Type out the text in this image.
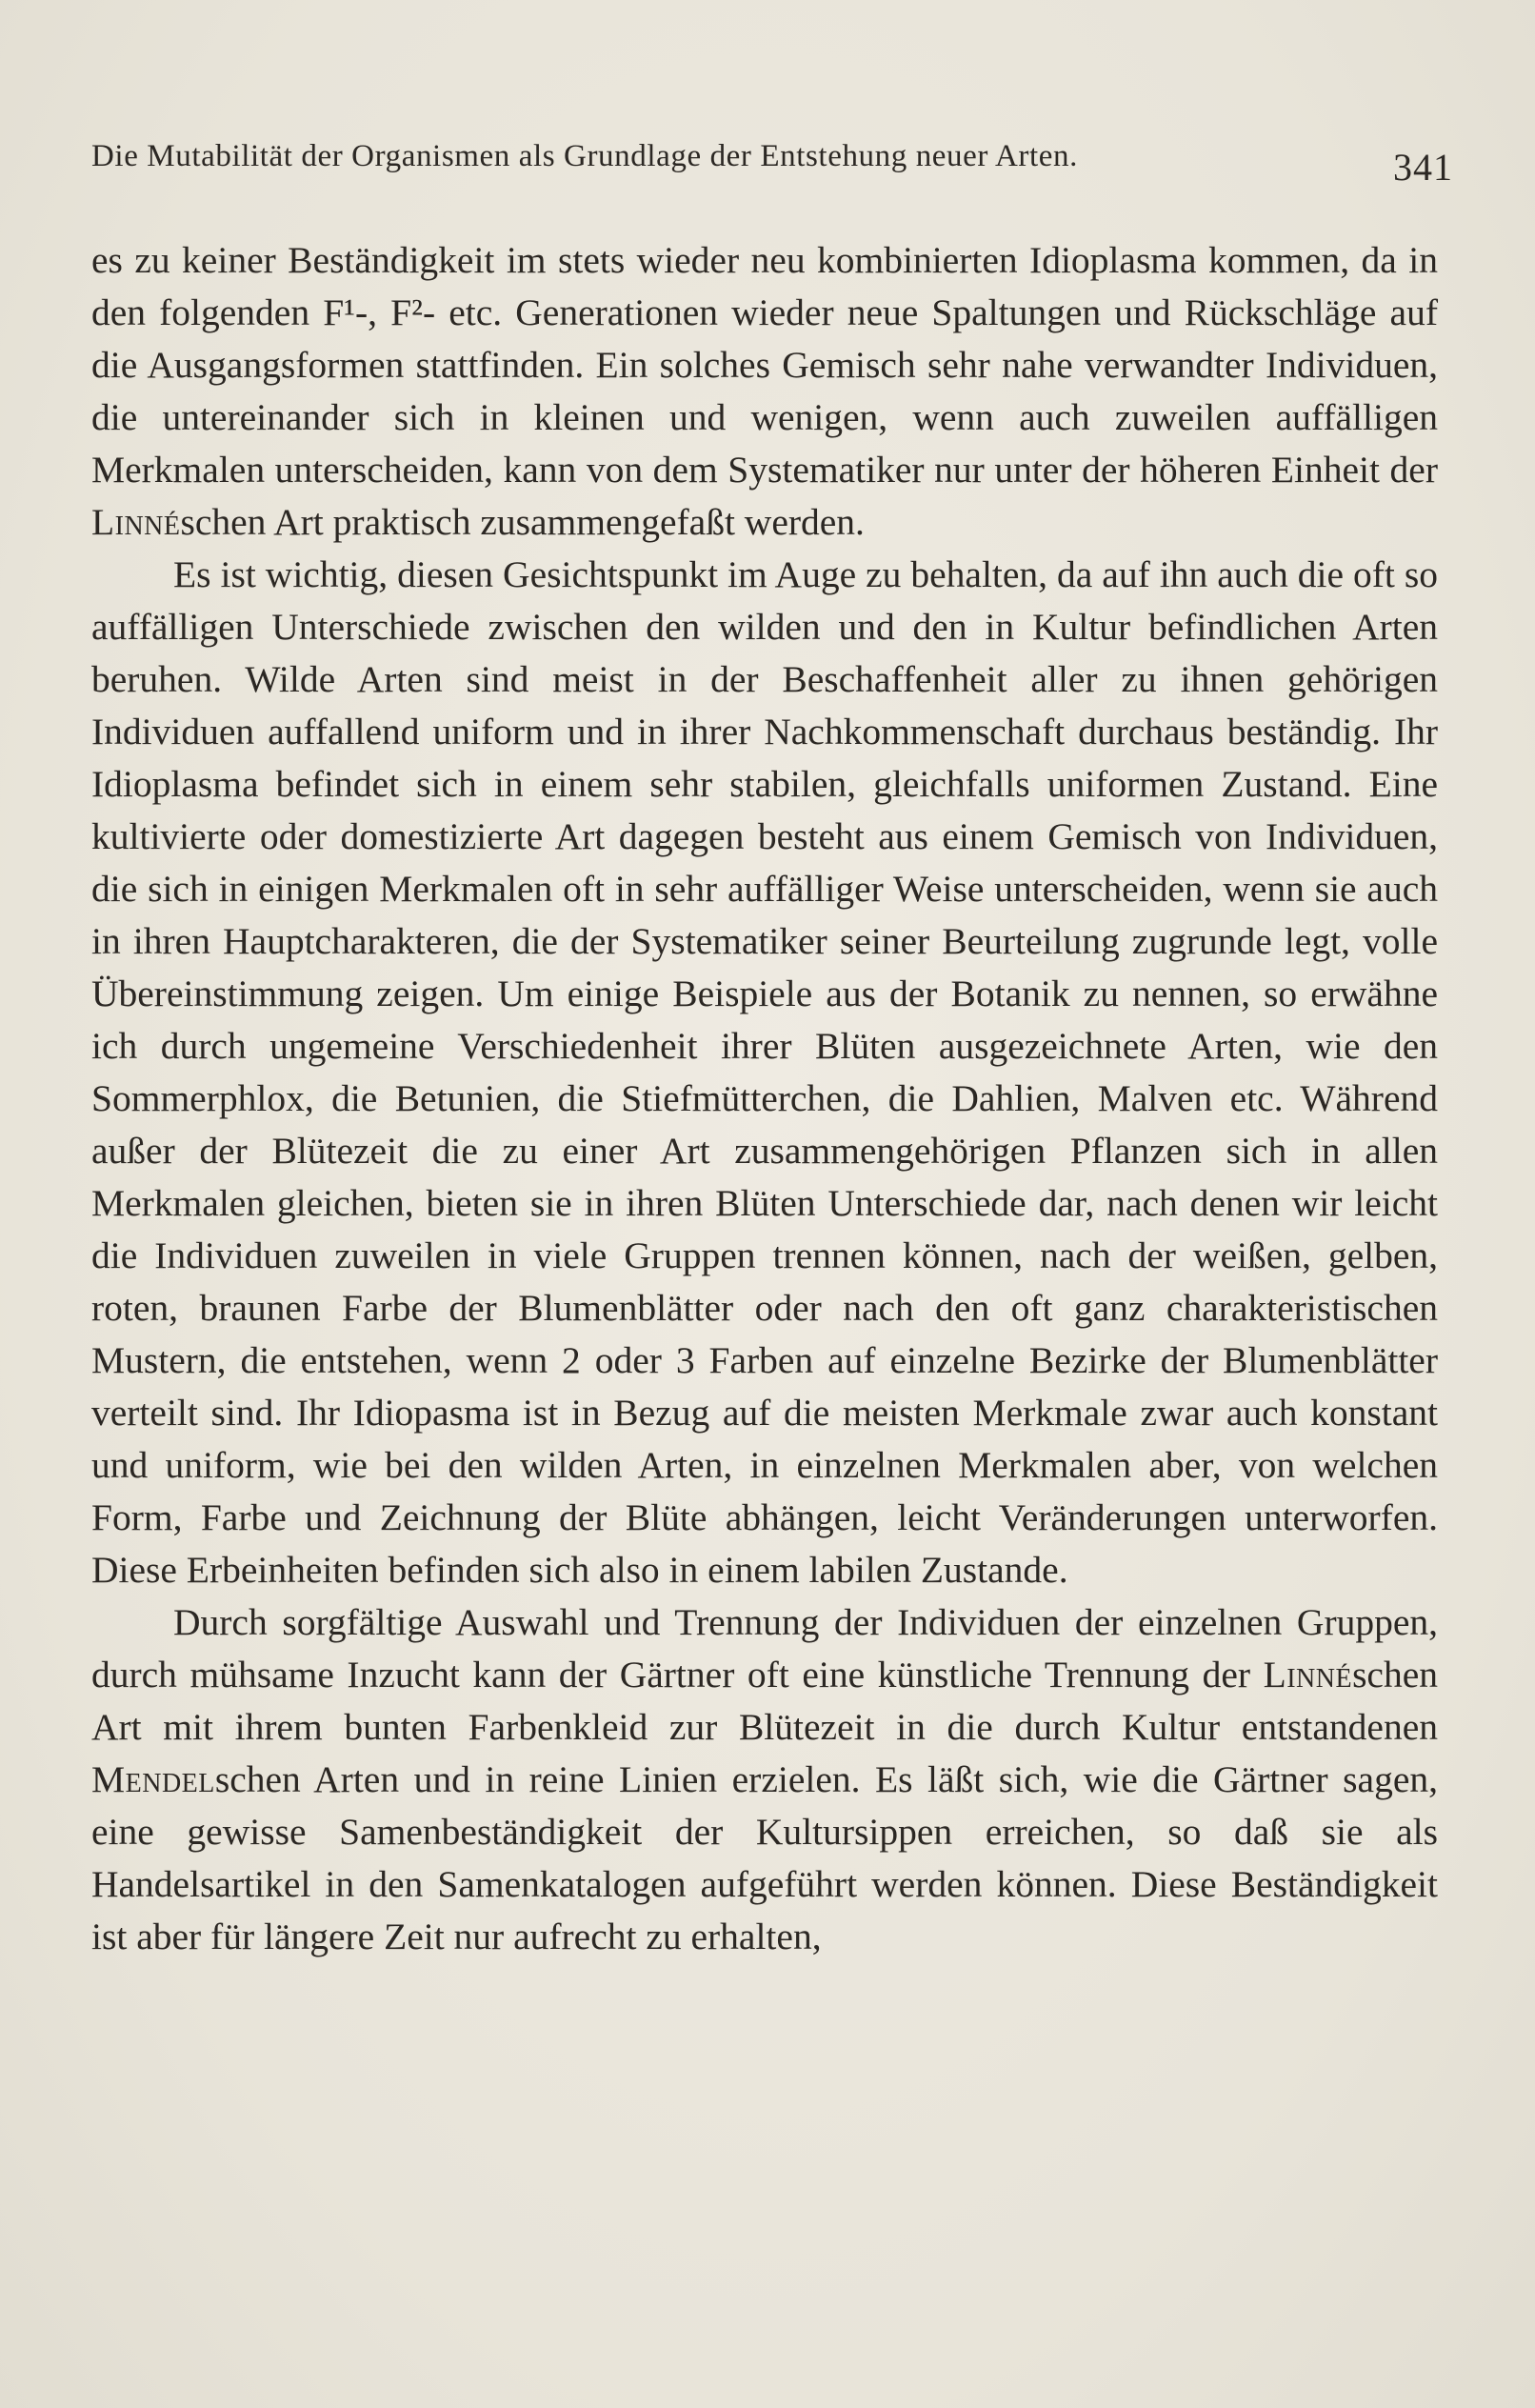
Die Mutabilität der Organismen als Grundlage der Entstehung neuer Arten.	341

es zu keiner Beständigkeit im stets wieder neu kombinierten Idioplasma kommen, da in den folgenden F¹-, F²- etc. Generationen wieder neue Spaltungen und Rückschläge auf die Ausgangsformen stattfinden. Ein solches Gemisch sehr nahe verwandter Individuen, die untereinander sich in kleinen und wenigen, wenn auch zuweilen auffälligen Merkmalen unterscheiden, kann von dem Systematiker nur unter der höheren Einheit der Linnéschen Art praktisch zusammengefaßt werden.

Es ist wichtig, diesen Gesichtspunkt im Auge zu behalten, da auf ihn auch die oft so auffälligen Unterschiede zwischen den wilden und den in Kultur befindlichen Arten beruhen. Wilde Arten sind meist in der Beschaffenheit aller zu ihnen gehörigen Individuen auffallend uniform und in ihrer Nachkommenschaft durchaus beständig. Ihr Idioplasma befindet sich in einem sehr stabilen, gleichfalls uniformen Zustand. Eine kultivierte oder domestizierte Art dagegen besteht aus einem Gemisch von Individuen, die sich in einigen Merkmalen oft in sehr auffälliger Weise unterscheiden, wenn sie auch in ihren Hauptcharakteren, die der Systematiker seiner Beurteilung zugrunde legt, volle Übereinstimmung zeigen. Um einige Beispiele aus der Botanik zu nennen, so erwähne ich durch ungemeine Verschiedenheit ihrer Blüten ausgezeichnete Arten, wie den Sommerphlox, die Betunien, die Stiefmütterchen, die Dahlien, Malven etc. Während außer der Blütezeit die zu einer Art zusammengehörigen Pflanzen sich in allen Merkmalen gleichen, bieten sie in ihren Blüten Unterschiede dar, nach denen wir leicht die Individuen zuweilen in viele Gruppen trennen können, nach der weißen, gelben, roten, braunen Farbe der Blumenblätter oder nach den oft ganz charakteristischen Mustern, die entstehen, wenn 2 oder 3 Farben auf einzelne Bezirke der Blumenblätter verteilt sind. Ihr Idiopasma ist in Bezug auf die meisten Merkmale zwar auch konstant und uniform, wie bei den wilden Arten, in einzelnen Merkmalen aber, von welchen Form, Farbe und Zeichnung der Blüte abhängen, leicht Veränderungen unterworfen. Diese Erbeinheiten befinden sich also in einem labilen Zustande.

Durch sorgfältige Auswahl und Trennung der Individuen der einzelnen Gruppen, durch mühsame Inzucht kann der Gärtner oft eine künstliche Trennung der Linnéschen Art mit ihrem bunten Farbenkleid zur Blütezeit in die durch Kultur entstandenen Mendelschen Arten und in reine Linien erzielen. Es läßt sich, wie die Gärtner sagen, eine gewisse Samenbeständigkeit der Kultursippen erreichen, so daß sie als Handelsartikel in den Samenkatalogen aufgeführt werden können. Diese Beständigkeit ist aber für längere Zeit nur aufrecht zu erhalten,
